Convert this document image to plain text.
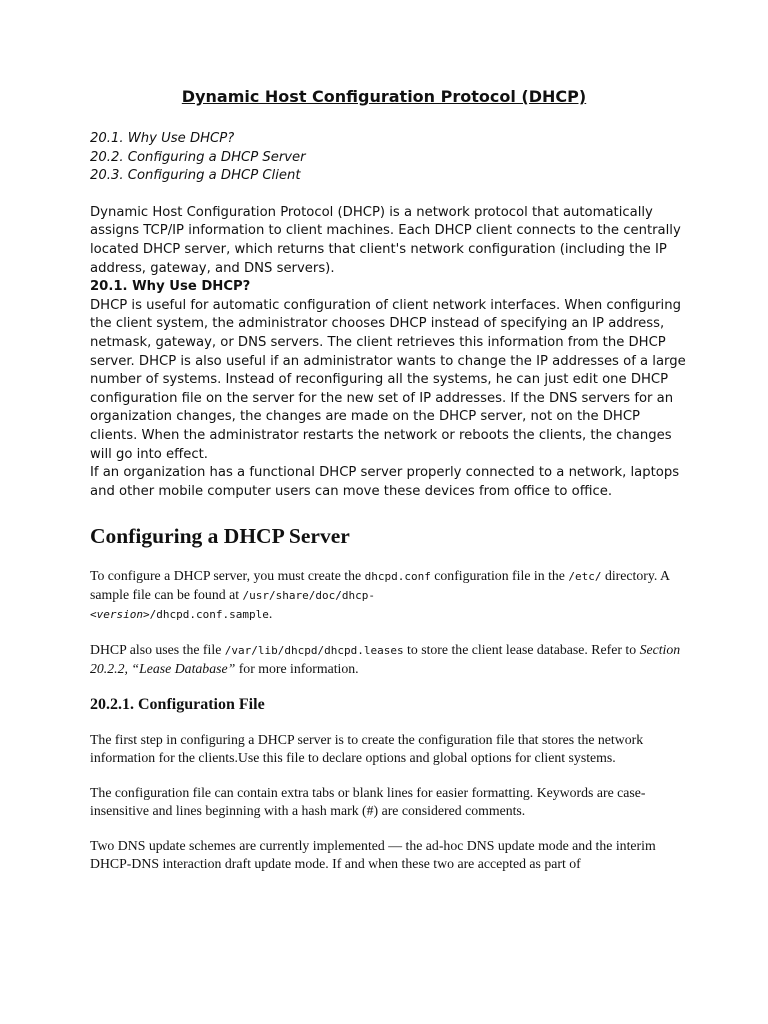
Dynamic Host Configuration Protocol (DHCP)
20.1. Why Use DHCP?
20.2. Configuring a DHCP Server
20.3. Configuring a DHCP Client

Dynamic Host Configuration Protocol (DHCP) is a network protocol that automatically assigns TCP/IP information to client machines. Each DHCP client connects to the centrally located DHCP server, which returns that client's network configuration (including the IP address, gateway, and DNS servers).

20.1. Why Use DHCP?

DHCP is useful for automatic configuration of client network interfaces. When configuring the client system, the administrator chooses DHCP instead of specifying an IP address, netmask, gateway, or DNS servers. The client retrieves this information from the DHCP server. DHCP is also useful if an administrator wants to change the IP addresses of a large number of systems. Instead of reconfiguring all the systems, he can just edit one DHCP configuration file on the server for the new set of IP addresses. If the DNS servers for an organization changes, the changes are made on the DHCP server, not on the DHCP clients. When the administrator restarts the network or reboots the clients, the changes will go into effect.

If an organization has a functional DHCP server properly connected to a network, laptops and other mobile computer users can move these devices from office to office.

Configuring a DHCP Server

To configure a DHCP server, you must create the dhcpd.conf configuration file in the /etc/ directory. A sample file can be found at /usr/share/doc/dhcp-
<version>/dhcpd.conf.sample.

DHCP also uses the file /var/lib/dhcpd/dhcpd.leases to store the client lease database. Refer to Section 20.2.2, “Lease Database” for more information.

20.2.1. Configuration File

The first step in configuring a DHCP server is to create the configuration file that stores the network information for the clients.Use this file to declare options and global options for client systems.

The configuration file can contain extra tabs or blank lines for easier formatting. Keywords are case-insensitive and lines beginning with a hash mark (#) are considered comments.

Two DNS update schemes are currently implemented — the ad-hoc DNS update mode and the interim DHCP-DNS interaction draft update mode. If and when these two are accepted as part of
